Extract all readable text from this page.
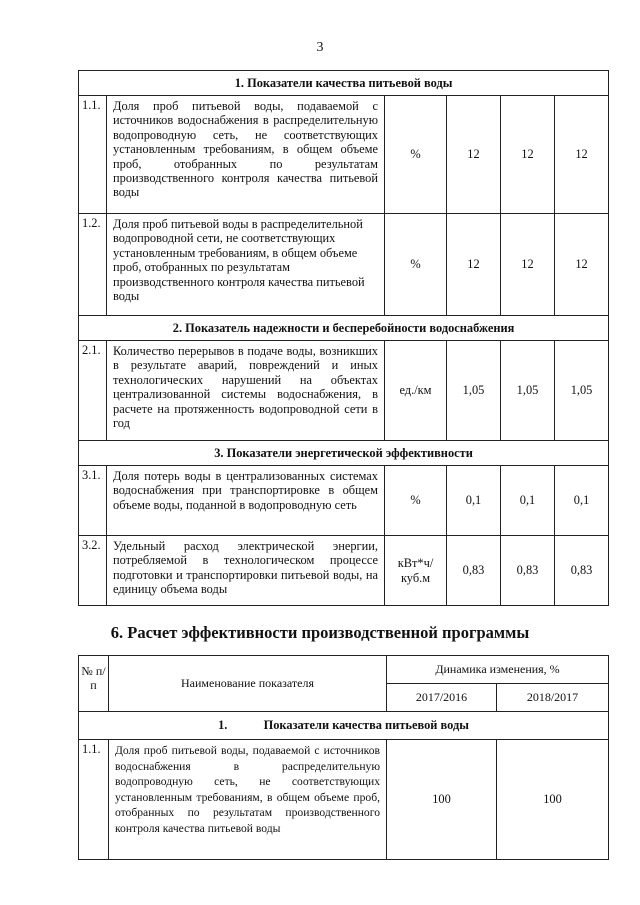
3
1. Показатели качества питьевой воды					
1.1.	Доля проб питьевой воды, подаваемой с источников водоснабжения в распределительную водопроводную сеть, не соответствующих установленным требованиям, в общем объеме проб, отобранных по результатам производственного контроля качества питьевой воды	%	12	12	12
1.2.	Доля проб питьевой воды в распределительной водопроводной сети, не соответствующих установленным требованиям, в общем объеме проб, отобранных по результатам производственного контроля качества питьевой воды	%	12	12	12
2. Показатель надежности и бесперебойности водоснабжения					
2.1.	Количество перерывов в подаче воды, возникших в результате аварий, повреждений и иных технологических нарушений на объектах централизованной системы водоснабжения, в расчете на протяженность водопроводной сети в год	ед./км	1,05	1,05	1,05
3. Показатели энергетической эффективности					
3.1.	Доля потерь воды в централизованных системах водоснабжения при транспортировке в общем объеме воды, поданной в водопроводную сеть	%	0,1	0,1	0,1
3.2.	Удельный расход электрической энергии, потребляемой в технологическом процессе подготовки и транспортировки питьевой воды, на единицу объема воды	кВт*ч/ куб.м	0,83	0,83	0,83
6. Расчет эффективности производственной программы
№ п/п	Наименование показателя	Динамика изменения, %	
		2017/2016	2018/2017
1. Показатели качества питьевой воды			
1.1.	Доля проб питьевой воды, подаваемой с источников водоснабжения в распределительную водопроводную сеть, не соответствующих установленным требованиям, в общем объеме проб, отобранных по результатам производственного контроля качества питьевой воды	100	100
